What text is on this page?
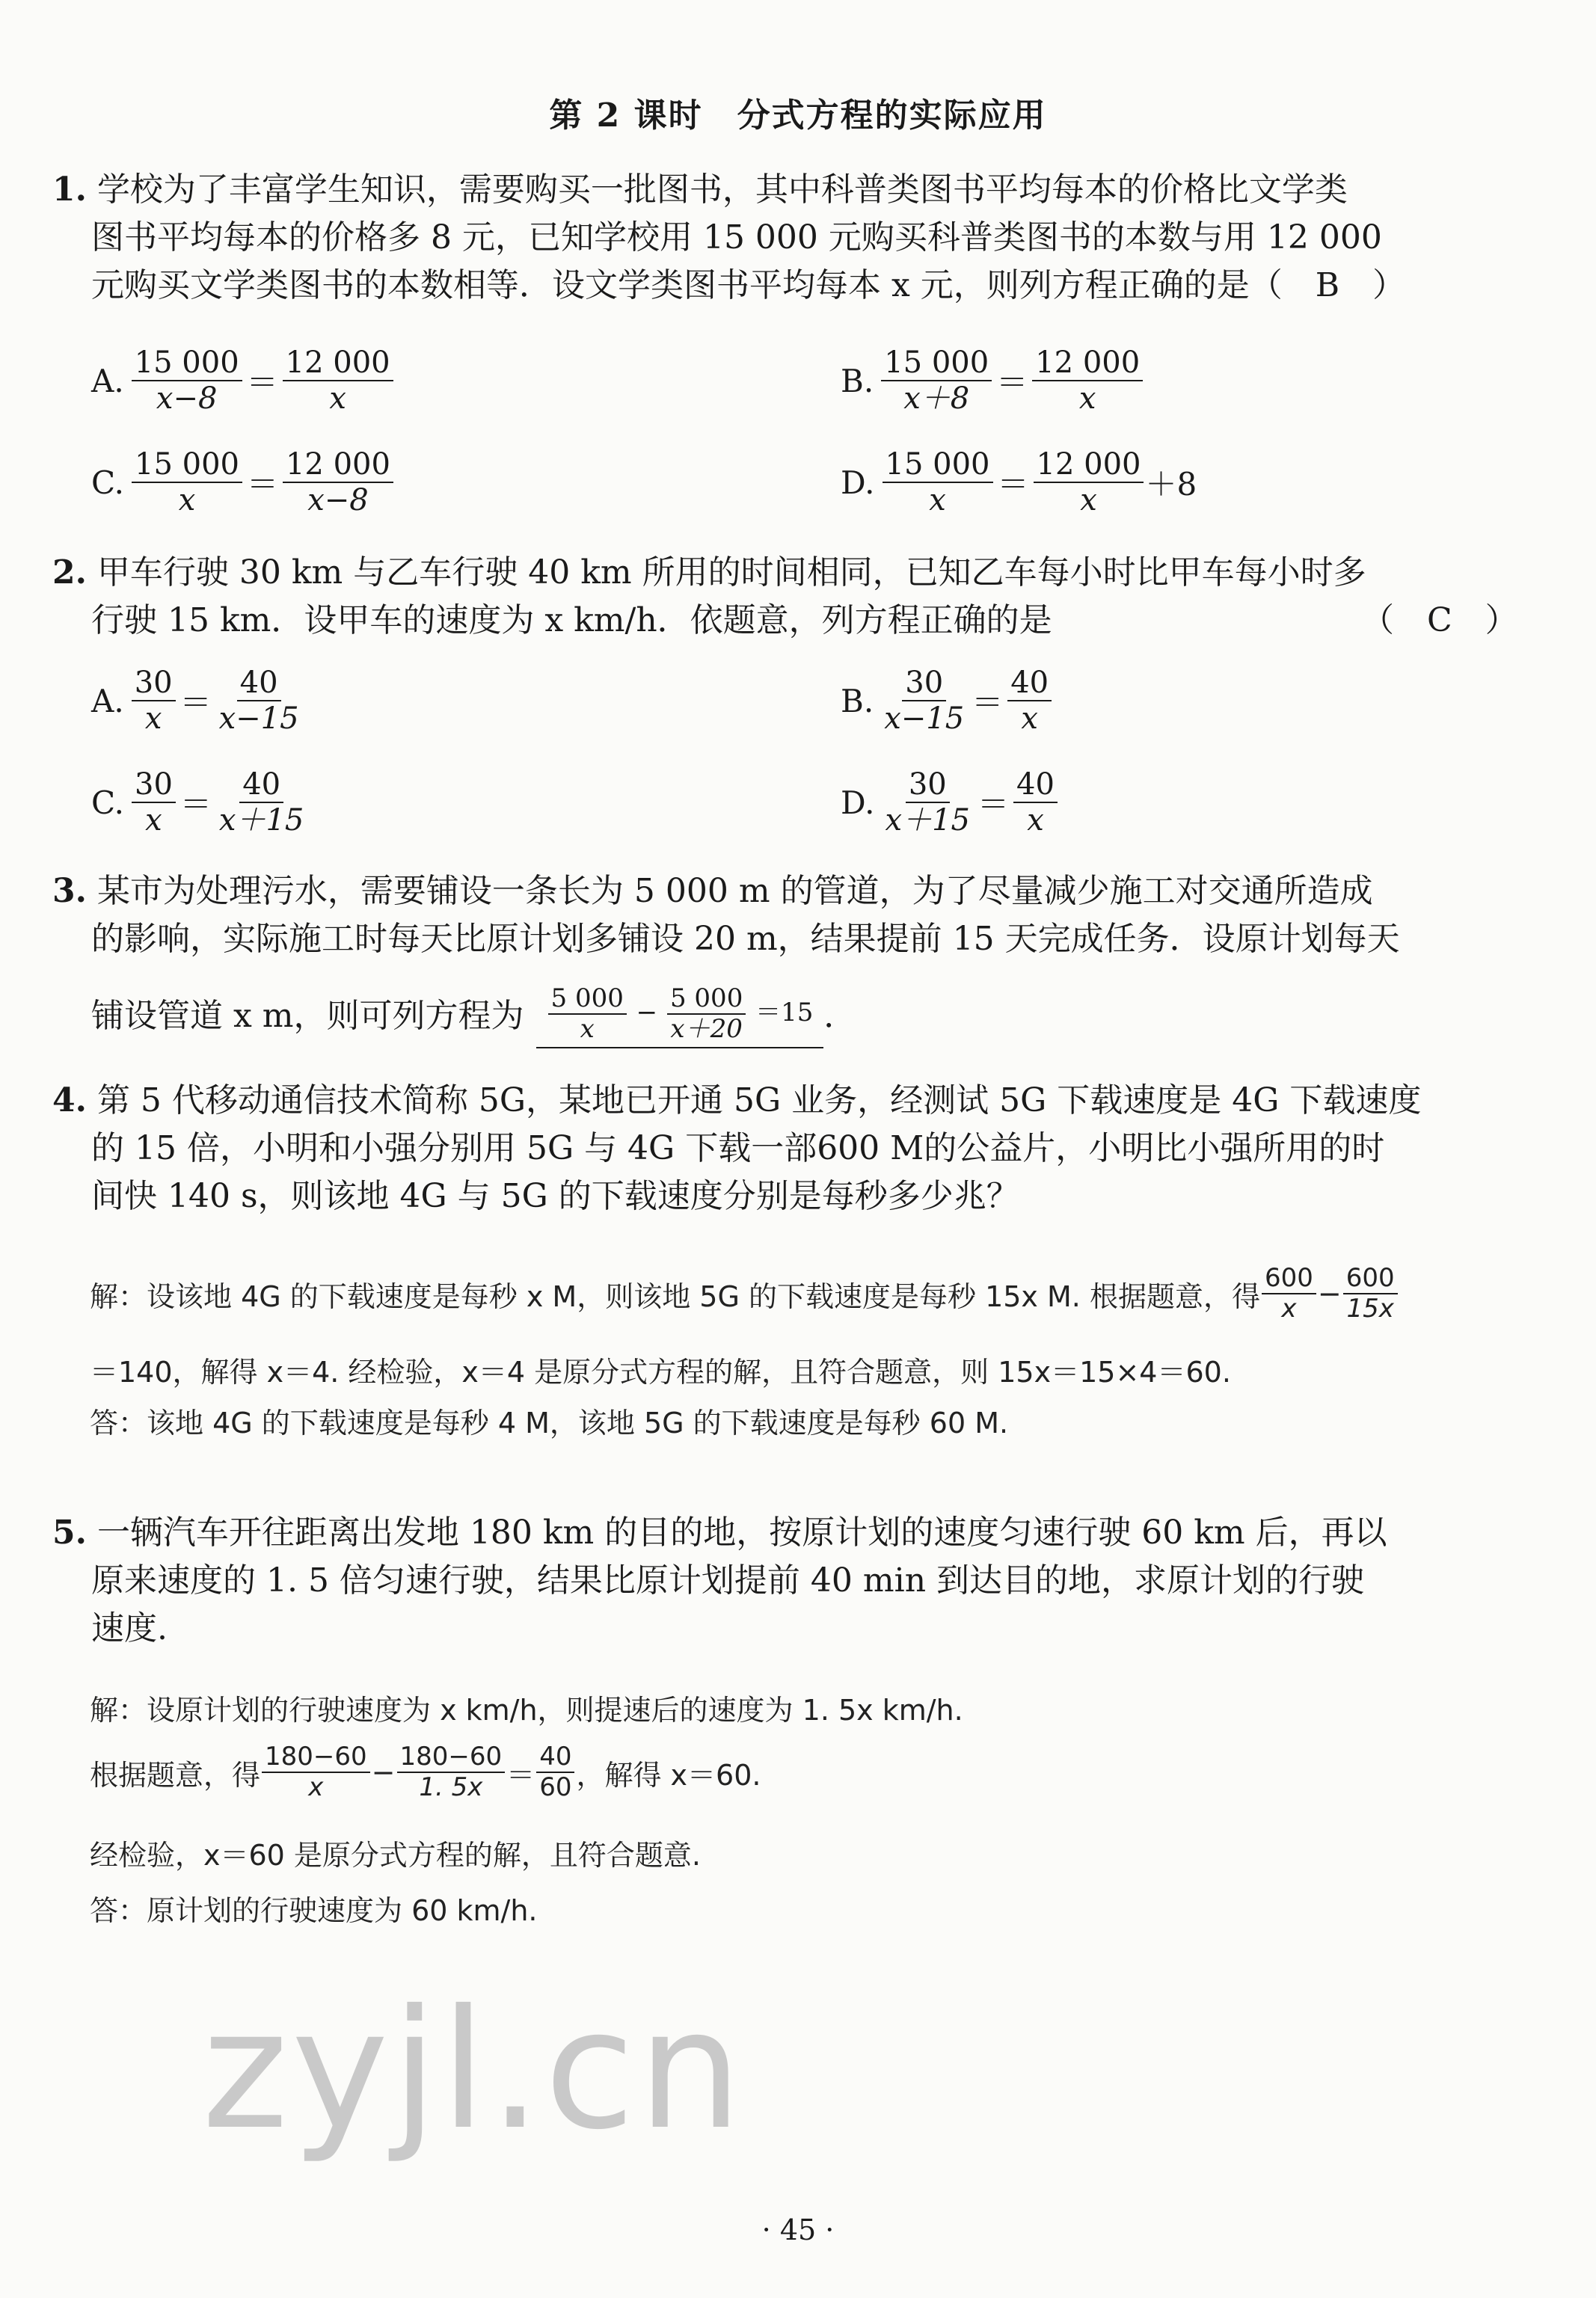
第 2 课时　分式方程的实际应用
1. 学校为了丰富学生知识，需要购买一批图书，其中科普类图书平均每本的价格比文学类
图书平均每本的价格多 8 元，已知学校用 15 000 元购买科普类图书的本数与用 12 000
元购买文学类图书的本数相等．设文学类图书平均每本 x 元，则列方程正确的是（　B　）
A. $\frac{15 000}{x-8} = \frac{12 000}{x}$	B. $\frac{15 000}{x+8} = \frac{12 000}{x}$
C. $\frac{15 000}{x} = \frac{12 000}{x-8}$	D. $\frac{15 000}{x} = \frac{12 000}{x} +8$
2. 甲车行驶 30 km 与乙车行驶 40 km 所用的时间相同，已知乙车每小时比甲车每小时多
行驶 15 km．设甲车的速度为 x km/h．依题意，列方程正确的是	（　C　）
A. $\frac{30}{x} = \frac{40}{x-15}$	B. $\frac{30}{x-15} = \frac{40}{x}$
C. $\frac{30}{x} = \frac{40}{x+15}$	D. $\frac{30}{x+15} = \frac{40}{x}$
3. 某市为处理污水，需要铺设一条长为 5 000 m 的管道，为了尽量减少施工对交通所造成
的影响，实际施工时每天比原计划多铺设 20 m，结果提前 15 天完成任务．设原计划每天
铺设管道 x m，则可列方程为 $\frac{5 000}{x} - \frac{5 000}{x+20} =15$ ．
4. 第 5 代移动通信技术简称 5G，某地已开通 5G 业务，经测试 5G 下载速度是 4G 下载速度
的 15 倍，小明和小强分别用 5G 与 4G 下载一部600 M的公益片，小明比小强所用的时
间快 140 s，则该地 4G 与 5G 的下载速度分别是每秒多少兆？
解：设该地 4G 的下载速度是每秒 x M，则该地 5G 的下载速度是每秒 15x M. 根据题意，得 $\frac{600}{x} - \frac{600}{15x}$
＝140，解得 x＝4. 经检验，x＝4 是原分式方程的解，且符合题意，则 15x＝15×4＝60.
答：该地 4G 的下载速度是每秒 4 M，该地 5G 的下载速度是每秒 60 M.
5. 一辆汽车开往距离出发地 180 km 的目的地，按原计划的速度匀速行驶 60 km 后，再以
原来速度的 1. 5 倍匀速行驶，结果比原计划提前 40 min 到达目的地，求原计划的行驶
速度.
解：设原计划的行驶速度为 x km/h，则提速后的速度为 1. 5x km/h.
根据题意，得 $\frac{180-60}{x} - \frac{180-60}{1. 5x} = \frac{40}{60}$ ，解得 x＝60.
经检验，x＝60 是原分式方程的解，且符合题意.
答：原计划的行驶速度为 60 km/h.
zyjl.cn
· 45 ·
